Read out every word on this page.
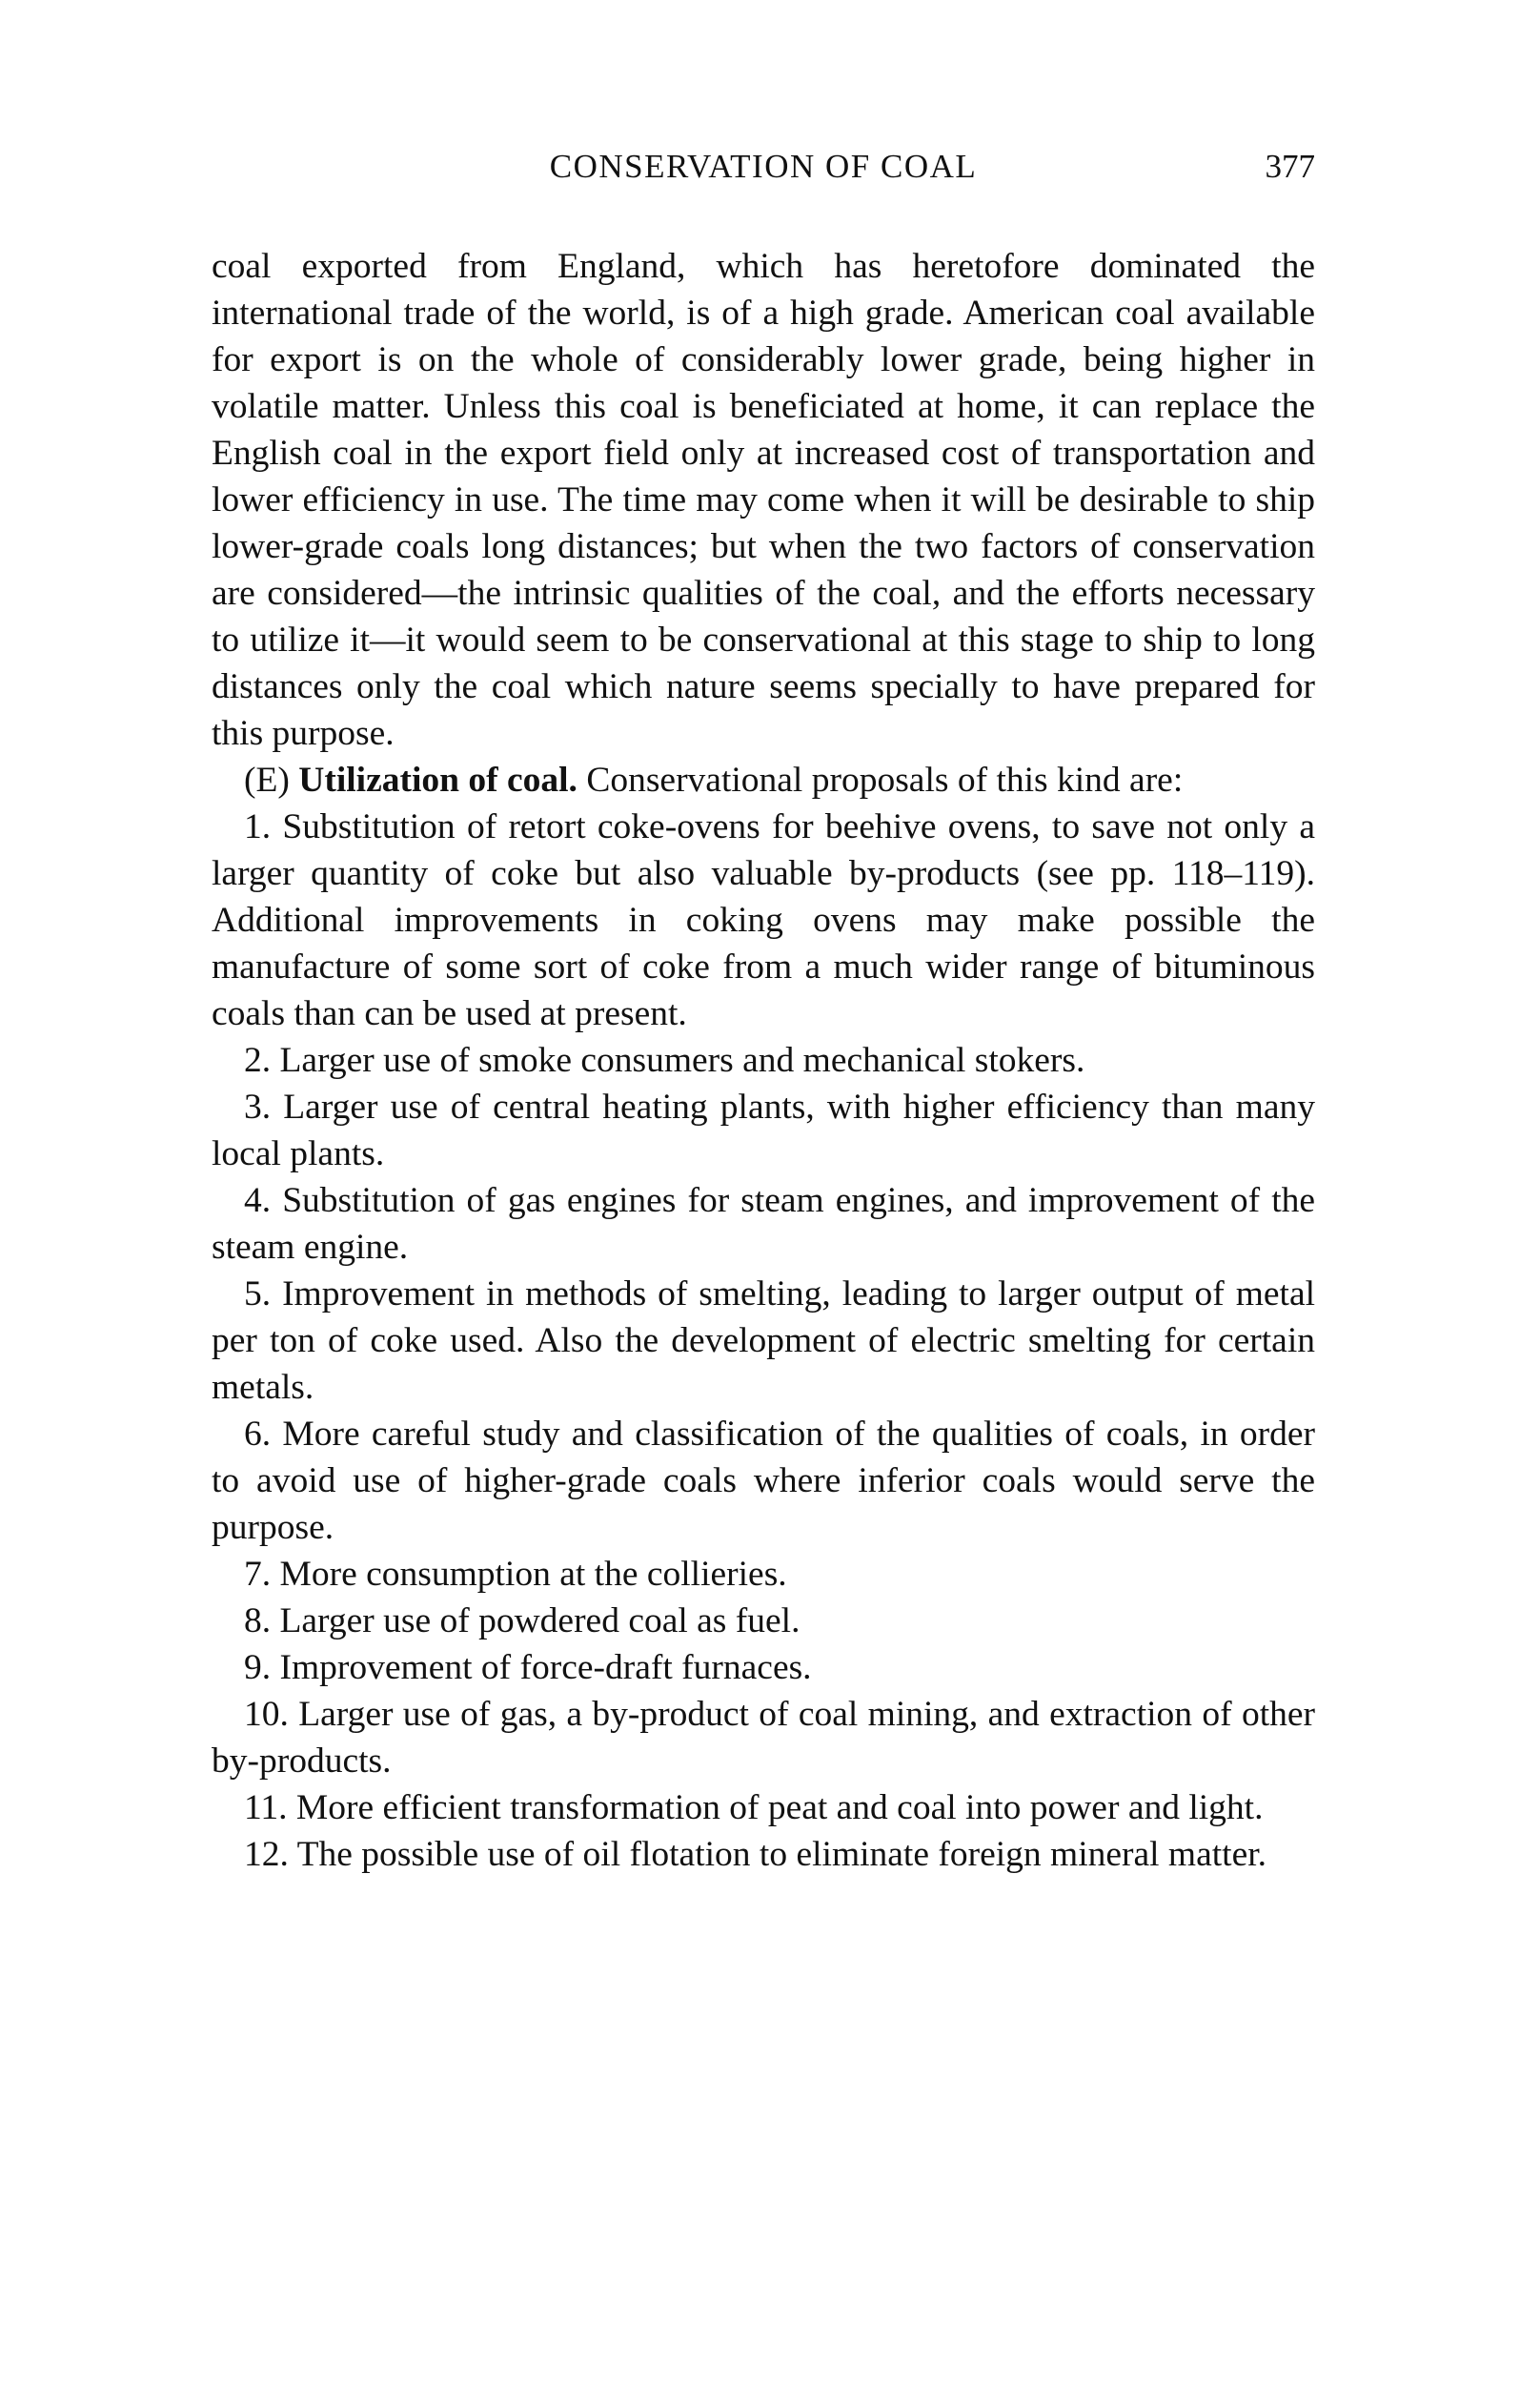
CONSERVATION OF COAL	377

coal exported from England, which has heretofore dominated the international trade of the world, is of a high grade. American coal available for export is on the whole of considerably lower grade, being higher in volatile matter. Unless this coal is beneficiated at home, it can replace the English coal in the export field only at increased cost of transportation and lower efficiency in use. The time may come when it will be desirable to ship lower-grade coals long distances; but when the two factors of conservation are considered—the intrinsic qualities of the coal, and the efforts necessary to utilize it—it would seem to be conservational at this stage to ship to long distances only the coal which nature seems specially to have prepared for this purpose.

(E) Utilization of coal. Conservational proposals of this kind are:

1. Substitution of retort coke-ovens for beehive ovens, to save not only a larger quantity of coke but also valuable by-products (see pp. 118–119). Additional improvements in coking ovens may make possible the manufacture of some sort of coke from a much wider range of bituminous coals than can be used at present.

2. Larger use of smoke consumers and mechanical stokers.

3. Larger use of central heating plants, with higher efficiency than many local plants.

4. Substitution of gas engines for steam engines, and improvement of the steam engine.

5. Improvement in methods of smelting, leading to larger output of metal per ton of coke used. Also the development of electric smelting for certain metals.

6. More careful study and classification of the qualities of coals, in order to avoid use of higher-grade coals where inferior coals would serve the purpose.

7. More consumption at the collieries.

8. Larger use of powdered coal as fuel.

9. Improvement of force-draft furnaces.

10. Larger use of gas, a by-product of coal mining, and extraction of other by-products.

11. More efficient transformation of peat and coal into power and light.

12. The possible use of oil flotation to eliminate foreign mineral matter.
